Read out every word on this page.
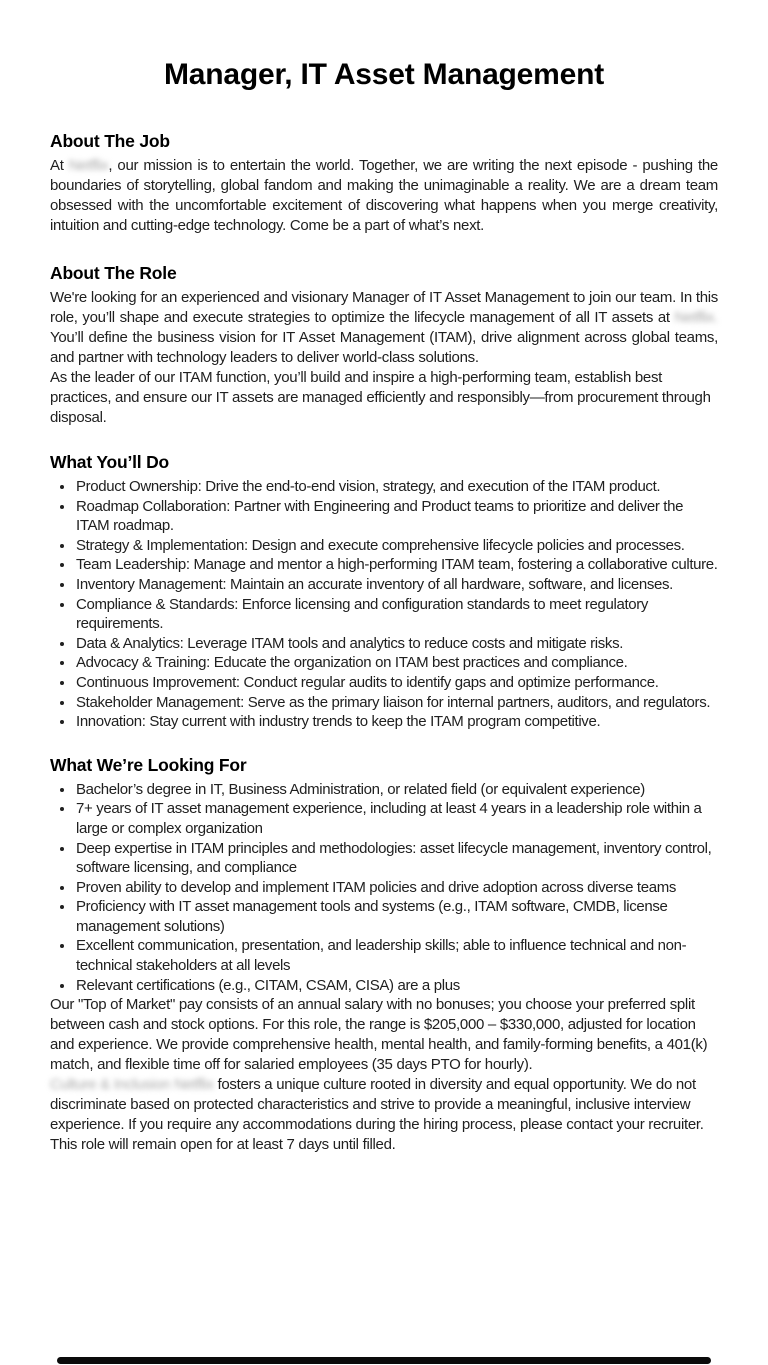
Manager, IT Asset Management
About The Job

At Netflix, our mission is to entertain the world. Together, we are writing the next episode - pushing the boundaries of storytelling, global fandom and making the unimaginable a reality. We are a dream team obsessed with the uncomfortable excitement of discovering what happens when you merge creativity, intuition and cutting-edge technology. Come be a part of what’s next.

About The Role

We're looking for an experienced and visionary Manager of IT Asset Management to join our team. In this role, you’ll shape and execute strategies to optimize the lifecycle management of all IT assets at Netflix. You’ll define the business vision for IT Asset Management (ITAM), drive alignment across global teams, and partner with technology leaders to deliver world-class solutions.

As the leader of our ITAM function, you’ll build and inspire a high-performing team, establish best practices, and ensure our IT assets are managed efficiently and responsibly—from procurement through disposal.

What You’ll Do
• Product Ownership: Drive the end-to-end vision, strategy, and execution of the ITAM product.
• Roadmap Collaboration: Partner with Engineering and Product teams to prioritize and deliver the ITAM roadmap.
• Strategy & Implementation: Design and execute comprehensive lifecycle policies and processes.
• Team Leadership: Manage and mentor a high-performing ITAM team, fostering a collaborative culture.
• Inventory Management: Maintain an accurate inventory of all hardware, software, and licenses.
• Compliance & Standards: Enforce licensing and configuration standards to meet regulatory requirements.
• Data & Analytics: Leverage ITAM tools and analytics to reduce costs and mitigate risks.
• Advocacy & Training: Educate the organization on ITAM best practices and compliance.
• Continuous Improvement: Conduct regular audits to identify gaps and optimize performance.
• Stakeholder Management: Serve as the primary liaison for internal partners, auditors, and regulators.
• Innovation: Stay current with industry trends to keep the ITAM program competitive.
What We’re Looking For
• Bachelor’s degree in IT, Business Administration, or related field (or equivalent experience)
• 7+ years of IT asset management experience, including at least 4 years in a leadership role within a large or complex organization
• Deep expertise in ITAM principles and methodologies: asset lifecycle management, inventory control, software licensing, and compliance
• Proven ability to develop and implement ITAM policies and drive adoption across diverse teams
• Proficiency with IT asset management tools and systems (e.g., ITAM software, CMDB, license management solutions)
• Excellent communication, presentation, and leadership skills; able to influence technical and non-technical stakeholders at all levels
• Relevant certifications (e.g., CITAM, CSAM, CISA) are a plus

Our "Top of Market" pay consists of an annual salary with no bonuses; you choose your preferred split between cash and stock options. For this role, the range is $205,000 – $330,000, adjusted for location and experience. We provide comprehensive health, mental health, and family-forming benefits, a 401(k) match, and flexible time off for salaried employees (35 days PTO for hourly).

Culture & Inclusion Netflix fosters a unique culture rooted in diversity and equal opportunity. We do not discriminate based on protected characteristics and strive to provide a meaningful, inclusive interview experience. If you require any accommodations during the hiring process, please contact your recruiter. This role will remain open for at least 7 days until filled.
